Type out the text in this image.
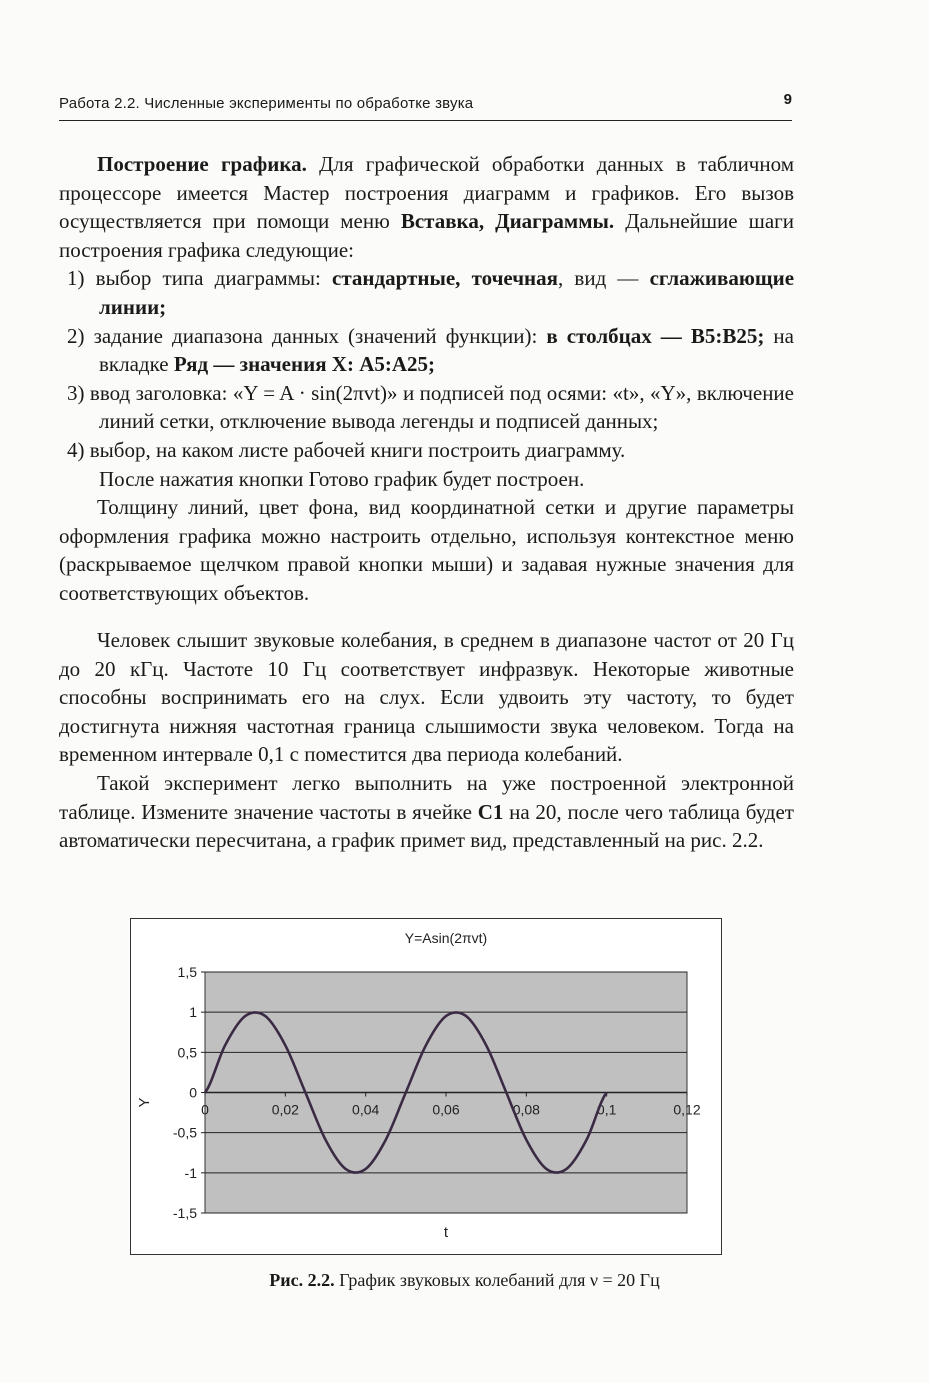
Работа 2.2. Численные эксперименты по обработке звука	9

Построение графика. Для графической обработки данных в табличном процессоре имеется Мастер построения диаграмм и графиков. Его вызов осуществляется при помощи меню Вставка, Диаграммы. Дальнейшие шаги построения графика следующие:

1) выбор типа диаграммы: стандартные, точечная, вид — сглаживающие линии;

2) задание диапазона данных (значений функции): в столбцах — В5:В25; на вкладке Ряд — значения X: А5:А25;

3) ввод заголовка: «Y = A · sin(2πvt)» и подписей под осями: «t», «Y», включение линий сетки, отключение вывода легенды и подписей данных;

4) выбор, на каком листе рабочей книги построить диаграмму.

После нажатия кнопки Готово график будет построен.

Толщину линий, цвет фона, вид координатной сетки и другие параметры оформления графика можно настроить отдельно, используя контекстное меню (раскрываемое щелчком правой кнопки мыши) и задавая нужные значения для соответствующих объектов.

Человек слышит звуковые колебания, в среднем в диапазоне частот от 20 Гц до 20 кГц. Частоте 10 Гц соответствует инфразвук. Некоторые животные способны воспринимать его на слух. Если удвоить эту частоту, то будет достигнута нижняя частотная граница слышимости звука человеком. Тогда на временном интервале 0,1 с поместится два периода колебаний.

Такой эксперимент легко выполнить на уже построенной электронной таблице. Измените значение частоты в ячейке С1 на 20, после чего таблица будет автоматически пересчитана, а график примет вид, представленный на рис. 2.2.

-1,5
-1
-0,5
0
0,5
1
1,5
0	0,02	0,04	0,06	0,08	0,1	0,12
Y=Asin(2πvt)
t
Y
Рис. 2.2. График звуковых колебаний для ν = 20 Гц
